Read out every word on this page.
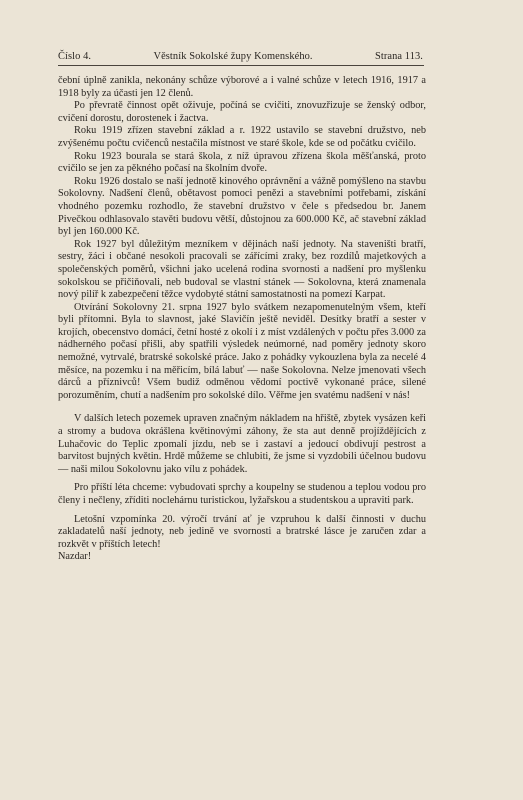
Číslo 4.	Věstník Sokolské župy Komenského.	Strana 113.

čební úplně zanikla, nekonány schůze výborové a i valné schůze v letech 1916, 1917 a 1918 byly za účasti jen 12 členů.

Po převratě činnost opět oživuje, počíná se cvičiti, znovuzřizuje se ženský odbor, cvičení dorostu, dorostenek i žactva.

Roku 1919 zřízen stavební základ a r. 1922 ustavilo se stavební družstvo, neb zvýšenému počtu cvičenců nestačila místnost ve staré škole, kde se od počátku cvičilo.

Roku 1923 bourala se stará škola, z níž úpravou zřízena škola měšťanská, proto cvičilo se jen za pěkného počasí na školním dvoře.

Roku 1926 dostalo se naší jednotě kinového oprávnění a vážně pomýšleno na stavbu Sokolovny. Nadšení členů, obětavost pomoci penězi a stavebními potřebami, získání vhodného pozemku rozhodlo, že stavební družstvo v čele s předsedou br. Janem Pivečkou odhlasovalo stavěti budovu větší, důstojnou za 600.000 Kč, ač stavební základ byl jen 160.000 Kč.

Rok 1927 byl důležitým mezníkem v dějinách naší jednoty. Na staveništi bratří, sestry, žáci i občané nesokoli pracovali se zářícími zraky, bez rozdílů majetkových a společenských poměrů, všichni jako ucelená rodina svornosti a nadšení pro myšlenku sokolskou se přičiňovali, neb budoval se vlastní stánek — Sokolovna, která znamenala nový pilíř k zabezpečení těžce vydobyté státní samostatnosti na pomezí Karpat.

Otvírání Sokolovny 21. srpna 1927 bylo svátkem nezapomenutelným všem, kteří byli přítomni. Byla to slavnost, jaké Slavičín ještě neviděl. Desítky bratří a sester v krojích, obecenstvo domácí, četní hosté z okolí i z míst vzdálených v počtu přes 3.000 za nádherného počasí přišli, aby spatřili výsledek neúmorné, nad poměry jednoty skoro nemožné, vytrvalé, bratrské sokolské práce. Jako z pohádky vykouzlena byla za necelé 4 měsíce, na pozemku i na měřicím, bílá labuť — naše Sokolovna. Nelze jmenovati všech dárců a příznivců! Všem budiž odměnou vědomí poctivě vykonané práce, silené porozuměním, chutí a nadšením pro sokolské dílo. Věřme jen svatému nadšení v nás!

V dalších letech pozemek upraven značným nákladem na hřiště, zbytek vysázen keři a stromy a budova okrášlena květinovými záhony, že sta aut denně projíždějících z Luhačovic do Teplic zpomalí jízdu, neb se i zastaví a jedoucí obdivují pestrost a barvitost bujných květin. Hrdě můžeme se chlubiti, že jsme si vyzdobili účelnou budovu — naši milou Sokolovnu jako vílu z pohádek.

Pro příští léta chceme: vybudovati sprchy a koupelny se studenou a teplou vodou pro členy i nečleny, zříditi noclehárnu turistickou, lyžařskou a studentskou a upraviti park.

Letošní vzpomínka 20. výročí trvání ať je vzpruhou k další činnosti v duchu zakladatelů naší jednoty, neb jedině ve svornosti a bratrské lásce je zaručen zdar a rozkvět v příštích letech!

Nazdar!
